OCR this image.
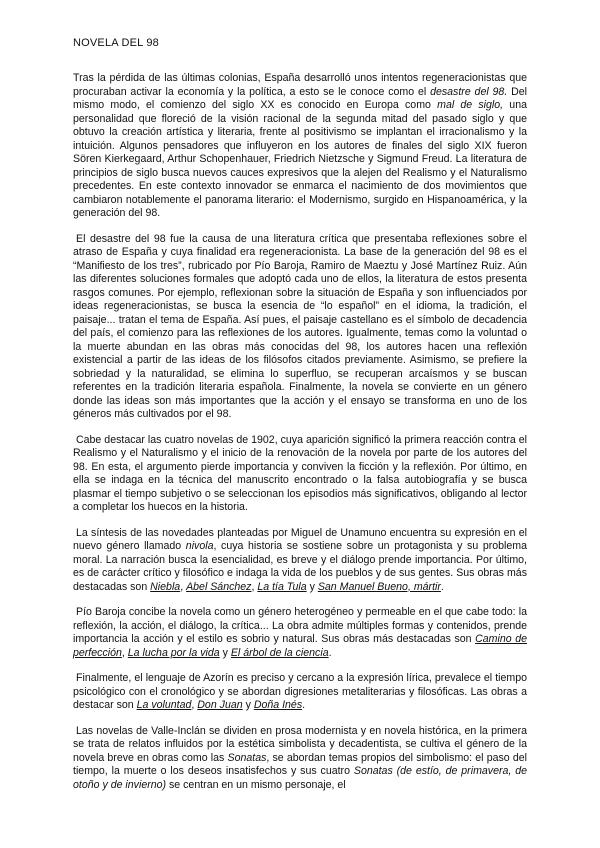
NOVELA DEL 98

Tras la pérdida de las últimas colonias, España desarrolló unos intentos regeneracionistas que procuraban activar la economía y la política, a esto se le conoce como el desastre del 98. Del mismo modo, el comienzo del siglo XX es conocido en Europa como mal de siglo, una personalidad que floreció de la visión racional de la segunda mitad del pasado siglo y que obtuvo la creación artística y literaria, frente al positivismo se implantan el irracionalismo y la intuición. Algunos pensadores que influyeron en los autores de finales del siglo XIX fueron Sören Kierkegaard, Arthur Schopenhauer, Friedrich Nietzsche y Sigmund Freud. La literatura de principios de siglo busca nuevos cauces expresivos que la alejen del Realismo y el Naturalismo precedentes. En este contexto innovador se enmarca el nacimiento de dos movimientos que cambiaron notablemente el panorama literario: el Modernismo, surgido en Hispanoamérica, y la generación del 98.

El desastre del 98 fue la causa de una literatura crítica que presentaba reflexiones sobre el atraso de España y cuya finalidad era regeneracionista. La base de la generación del 98 es el “Manifiesto de los tres”, rubricado por Pío Baroja, Ramiro de Maeztu y José Martínez Ruiz. Aún las diferentes soluciones formales que adoptó cada uno de ellos, la literatura de estos presenta rasgos comunes. Por ejemplo, reflexionan sobre la situación de España y son influenciados por ideas regeneracionistas, se busca la esencia de “lo español” en el idioma, la tradición, el paisaje... tratan el tema de España. Así pues, el paisaje castellano es el símbolo de decadencia del país, el comienzo para las reflexiones de los autores. Igualmente, temas como la voluntad o la muerte abundan en las obras más conocidas del 98, los autores hacen una reflexión existencial a partir de las ideas de los filósofos citados previamente. Asimismo, se prefiere la sobriedad y la naturalidad, se elimina lo superfluo, se recuperan arcaísmos y se buscan referentes en la tradición literaria española. Finalmente, la novela se convierte en un género donde las ideas son más importantes que la acción y el ensayo se transforma en uno de los géneros más cultivados por el 98.

Cabe destacar las cuatro novelas de 1902, cuya aparición significó la primera reacción contra el Realismo y el Naturalismo y el inicio de la renovación de la novela por parte de los autores del 98. En esta, el argumento pierde importancia y conviven la ficción y la reflexión. Por último, en ella se indaga en la técnica del manuscrito encontrado o la falsa autobiografía y se busca plasmar el tiempo subjetivo o se seleccionan los episodios más significativos, obligando al lector a completar los huecos en la historia.

La síntesis de las novedades planteadas por Miguel de Unamuno encuentra su expresión en el nuevo género llamado nivola, cuya historia se sostiene sobre un protagonista y su problema moral. La narración busca la esencialidad, es breve y el diálogo prende importancia. Por último, es de carácter crítico y filosófico e indaga la vida de los pueblos y de sus gentes. Sus obras más destacadas son Niebla, Abel Sánchez, La tía Tula y San Manuel Bueno, mártir.

Pío Baroja concibe la novela como un género heterogéneo y permeable en el que cabe todo: la reflexión, la acción, el diálogo, la crítica... La obra admite múltiples formas y contenidos, prende importancia la acción y el estilo es sobrio y natural. Sus obras más destacadas son Camino de perfección, La lucha por la vida y El árbol de la ciencia.

Finalmente, el lenguaje de Azorín es preciso y cercano a la expresión lírica, prevalece el tiempo psicológico con el cronológico y se abordan digresiones metaliterarias y filosóficas. Las obras a destacar son La voluntad, Don Juan y Doña Inés.

Las novelas de Valle-Inclán se dividen en prosa modernista y en novela histórica, en la primera se trata de relatos influidos por la estética simbolista y decadentista, se cultiva el género de la novela breve en obras como las Sonatas, se abordan temas propios del simbolismo: el paso del tiempo, la muerte o los deseos insatisfechos y sus cuatro Sonatas (de estío, de primavera, de otoño y de invierno) se centran en un mismo personaje, el
